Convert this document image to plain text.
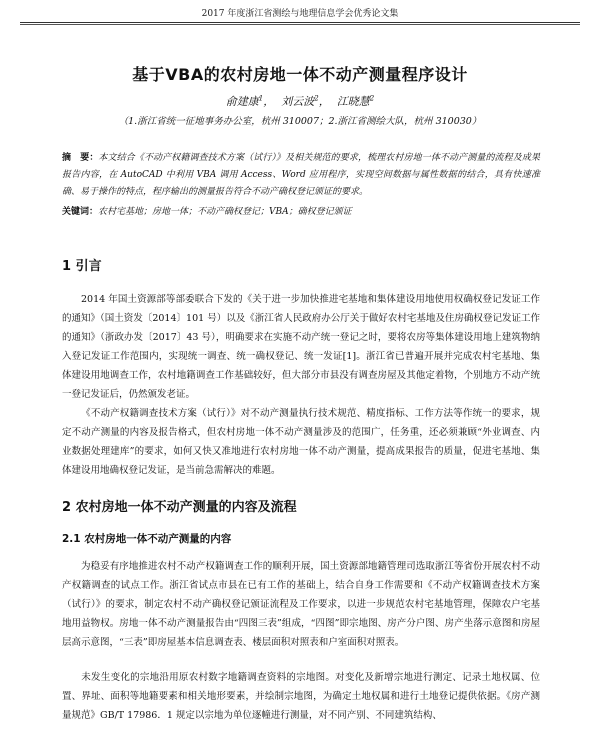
2017 年度浙江省测绘与地理信息学会优秀论文集
基于VBA的农村房地一体不动产测量程序设计
俞建康$^1$，  刘云波$^2$，  江晓慧$^2$
（1.浙江省统一征地事务办公室，杭州 310007；2.浙江省测绘大队，杭州 310030）
摘　要：本文结合《不动产权籍调查技术方案（试行）》及相关规范的要求，梳理农村房地一体不动产测量的流程及成果报告内容，在 AutoCAD 中利用 VBA 调用 Access、Word 应用程序，实现空间数据与属性数据的结合，具有快速准确、易于操作的特点，程序输出的测量报告符合不动产确权登记颁证的要求。
关键词：农村宅基地；房地一体；不动产确权登记；VBA；确权登记颁证
1 引言
2014 年国土资源部等部委联合下发的《关于进一步加快推进宅基地和集体建设用地使用权确权登记发证工作的通知》（国土资发〔2014〕101 号）以及《浙江省人民政府办公厅关于做好农村宅基地及住房确权登记发证工作的通知》（浙政办发〔2017〕43 号），明确要求在实施不动产统一登记之时，要将农房等集体建设用地上建筑物纳入登记发证工作范围内，实现统一调查、统一确权登记、统一发证[1]。浙江省已普遍开展并完成农村宅基地、集体建设用地调查工作，农村地籍调查工作基础较好，但大部分市县没有调查房屋及其他定着物，个别地方不动产统一登记发证后，仍然颁发老证。
《不动产权籍调查技术方案（试行）》对不动产测量执行技术规范、精度指标、工作方法等作统一的要求，规定不动产测量的内容及报告格式，但农村房地一体不动产测量涉及的范围广，任务重，还必须兼顾“外业调查、内业数据处理建库”的要求，如何又快又准地进行农村房地一体不动产测量，提高成果报告的质量，促进宅基地、集体建设用地确权登记发证，是当前急需解决的难题。
2 农村房地一体不动产测量的内容及流程
2.1 农村房地一体不动产测量的内容
为稳妥有序地推进农村不动产权籍调查工作的顺利开展，国土资源部地籍管理司选取浙江等省份开展农村不动产权籍调查的试点工作。浙江省试点市县在已有工作的基础上，结合自身工作需要和《不动产权籍调查技术方案（试行）》的要求，制定农村不动产确权登记颁证流程及工作要求，以进一步规范农村宅基地管理，保障农户宅基地用益物权。房地一体不动产测量报告由“四图三表”组成，“四图”即宗地图、房产分户图、房产坐落示意图和房屋层高示意图，“三表”即房屋基本信息调查表、楼层面积对照表和户室面积对照表。
未发生变化的宗地沿用原农村数字地籍调查资料的宗地图。对变化及新增宗地进行测定、记录土地权属、位置、界址、面积等地籍要素和相关地形要素，并绘制宗地图，为确定土地权属和进行土地登记提供依据。《房产测量规范》GB/T 17986．1 规定以宗地为单位逐幢进行测量，对不同产别、不同建筑结构、
